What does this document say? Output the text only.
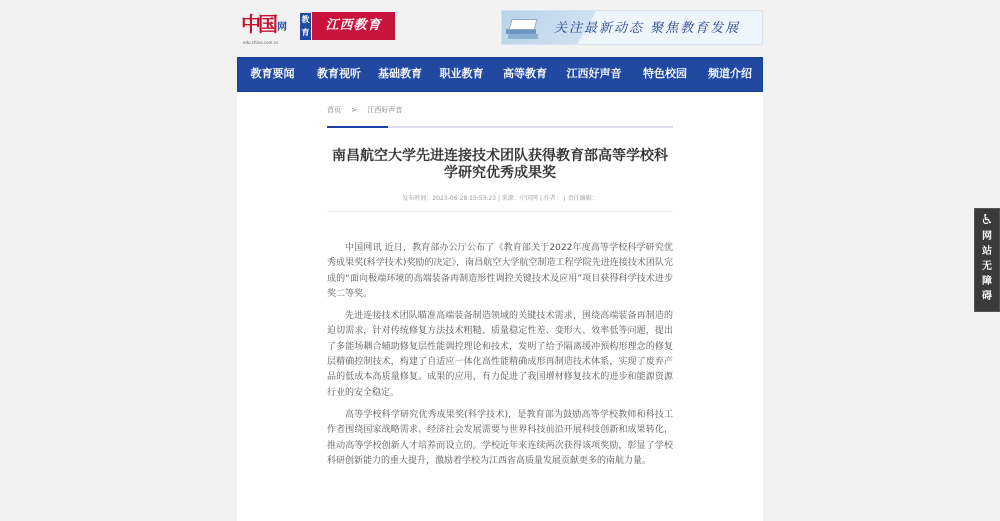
中国 网
edu.china.com.cn
教育	江西教育	关注最新动态 聚焦教育发展
教育要闻	教育视听	基础教育	职业教育	高等教育	江西好声音	特色校园	频道介绍
首页 > 江西好声音
南昌航空大学先进连接技术团队获得教育部高等学校科学研究优秀成果奖
发布时间：2023-06-28 15:53:23 | 来源：中国网 | 作者： | 责任编辑：

中国网讯 近日，教育部办公厅公布了《教育部关于2022年度高等学校科学研究优秀成果奖(科学技术)奖励的决定》，南昌航空大学航空制造工程学院先进连接技术团队完成的“面向极端环境的高端装备再制造形性调控关键技术及应用”项目获得科学技术进步奖二等奖。

先进连接技术团队瞄准高端装备制造领域的关键技术需求，围绕高端装备再制造的迫切需求，针对传统修复方法技术粗糙、质量稳定性差、变形大、效率低等问题，提出了多能场耦合辅助修复层性能调控理论和技术，发明了给予隔离缓冲预构形理念的修复层精确控制技术，构建了自适应一体化高性能精确成形再制造技术体系，实现了废弃产品的低成本高质量修复。成果的应用，有力促进了我国增材修复技术的进步和能源资源行业的安全稳定。

高等学校科学研究优秀成果奖(科学技术)，是教育部为鼓励高等学校教师和科技工作者围绕国家战略需求、经济社会发展需要与世界科技前沿开展科技创新和成果转化，推动高等学校创新人才培养而设立的。学校近年来连续两次获得该项奖励，彰显了学校科研创新能力的重大提升，激励着学校为江西省高质量发展贡献更多的南航力量。

♿
网站无障碍
